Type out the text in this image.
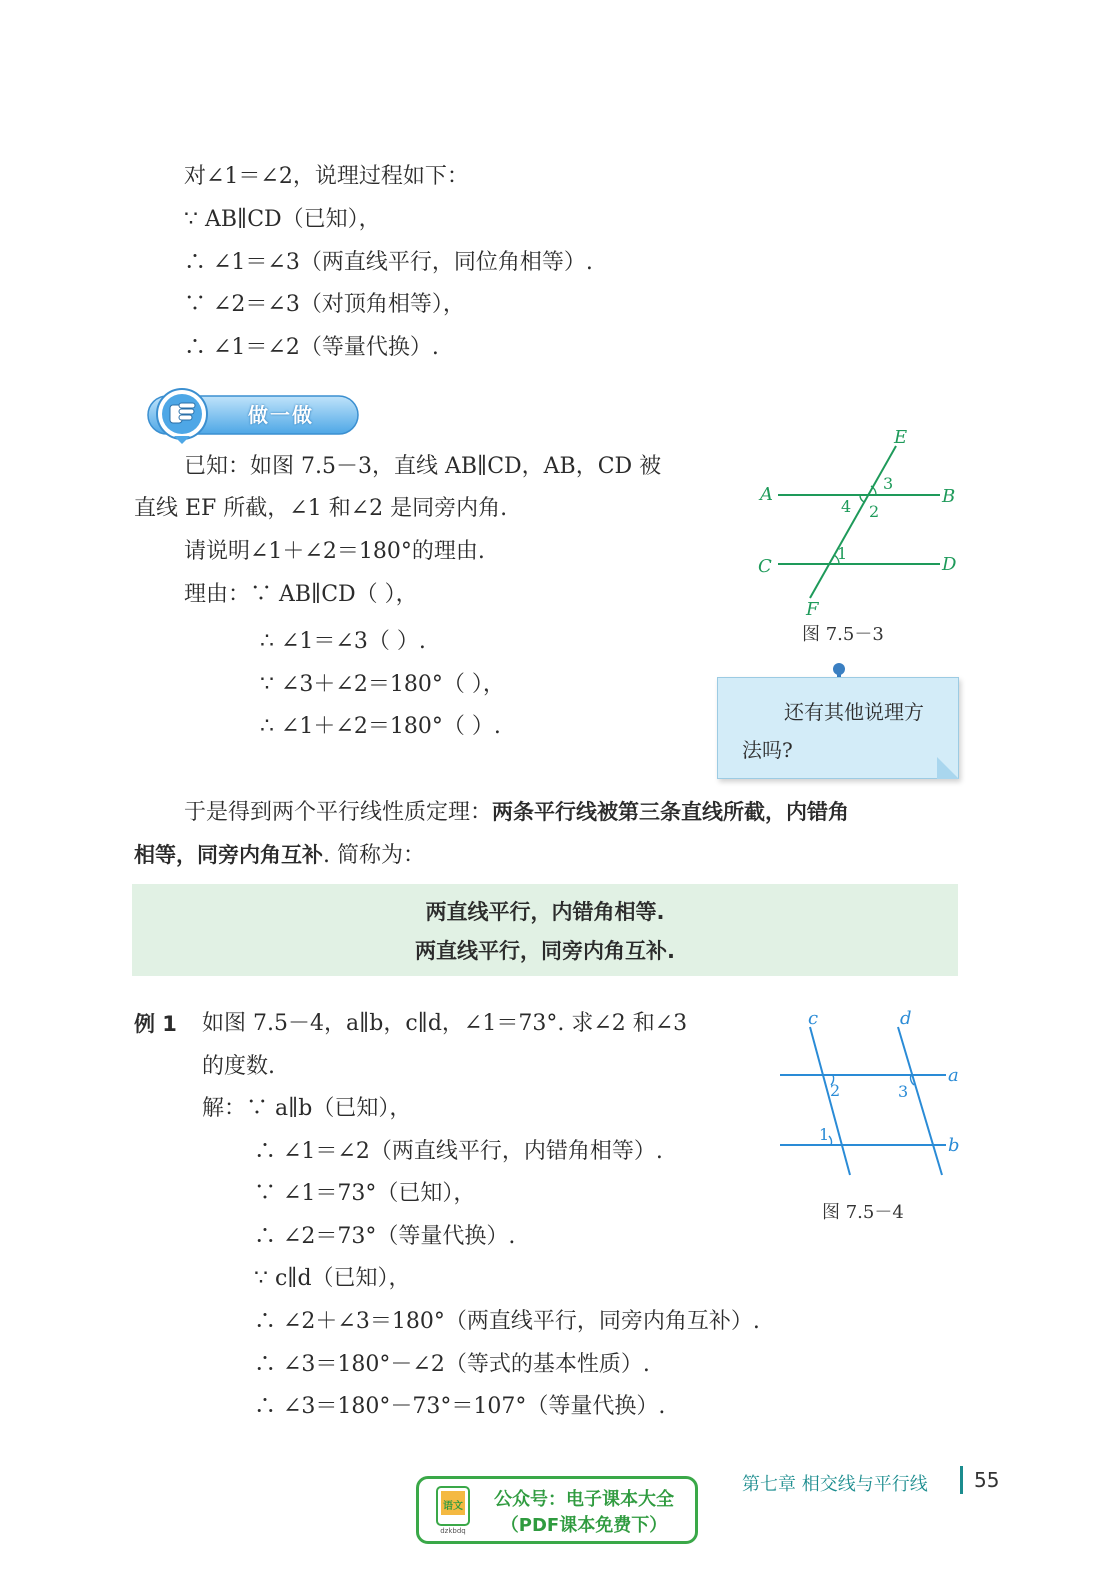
对∠1＝∠2，说理过程如下：
∵ AB∥CD（已知），
∴ ∠1＝∠3（两直线平行，同位角相等）.
∵ ∠2＝∠3（对顶角相等），
∴ ∠1＝∠2（等量代换）.
做一做
已知：如图 7.5－3，直线 AB∥CD，AB，CD 被
直线 EF 所截，∠1 和∠2 是同旁内角.
请说明∠1＋∠2＝180°的理由.
理由：∵ AB∥CD（ ），
∴ ∠1＝∠3（ ）.
∵ ∠3＋∠2＝180°（ ），
∴ ∠1＋∠2＝180°（ ）.
E
F
A	B
C	D
3
2
4
1
图 7.5－3
还有其他说理方
法吗?
于是得到两个平行线性质定理：两条平行线被第三条直线所截，内错角
相等，同旁内角互补. 简称为：
两直线平行，内错角相等.
两直线平行，同旁内角互补.
例 1 如图 7.5－4，a∥b，c∥d，∠1＝73°. 求∠2 和∠3
的度数.
解：∵ a∥b（已知），
∴ ∠1＝∠2（两直线平行，内错角相等）.
∵ ∠1＝73°（已知），
∴ ∠2＝73°（等量代换）.
∵ c∥d（已知），
∴ ∠2＋∠3＝180°（两直线平行，同旁内角互补）.
∴ ∠3＝180°－∠2（等式的基本性质）.
∴ ∠3＝180°－73°＝107°（等量代换）.
c	d
a
b
2	3
1
图 7.5－4
第七章 相交线与平行线 55
语文
dzkbdq
公众号：电子课本大全
（PDF课本免费下）
